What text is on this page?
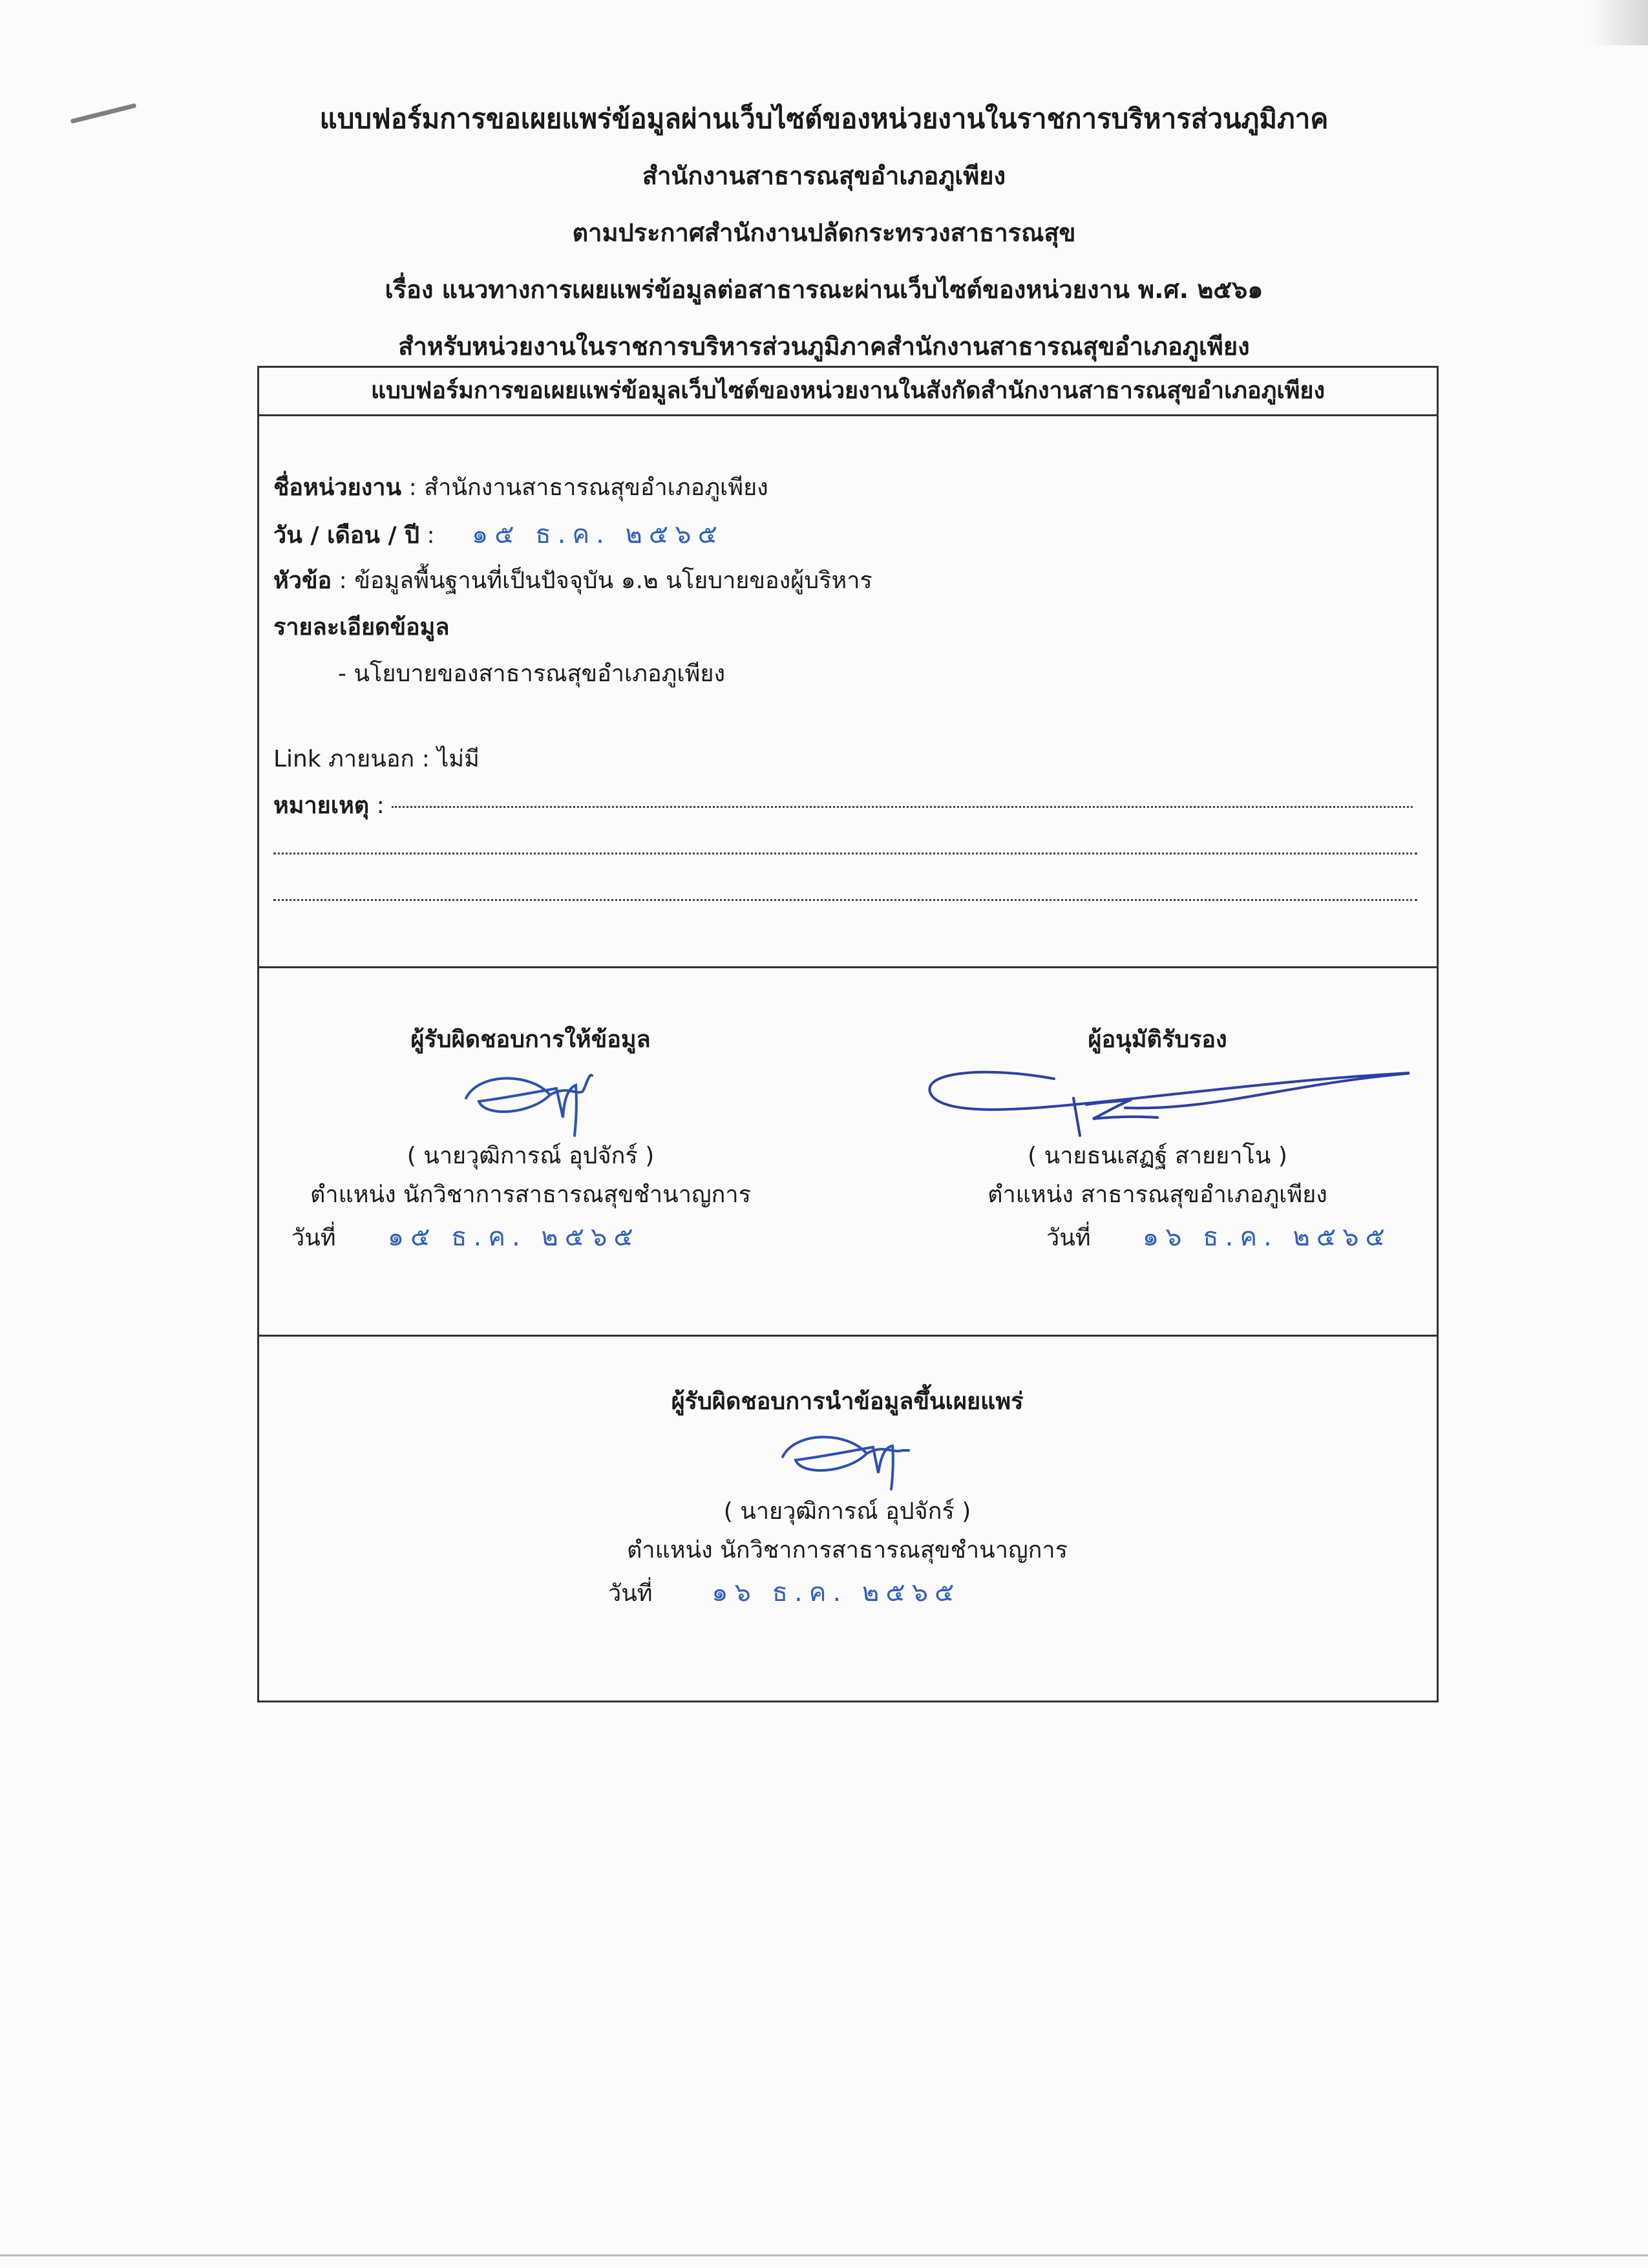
แบบฟอร์มการขอเผยแพร่ข้อมูลผ่านเว็บไซต์ของหน่วยงานในราชการบริหารส่วนภูมิภาค
สำนักงานสาธารณสุขอำเภอภูเพียง
ตามประกาศสำนักงานปลัดกระทรวงสาธารณสุข
เรื่อง แนวทางการเผยแพร่ข้อมูลต่อสาธารณะผ่านเว็บไซต์ของหน่วยงาน พ.ศ. ๒๕๖๑
สำหรับหน่วยงานในราชการบริหารส่วนภูมิภาคสำนักงานสาธารณสุขอำเภอภูเพียง
แบบฟอร์มการขอเผยแพร่ข้อมูลเว็บไซต์ของหน่วยงานในสังกัดสำนักงานสาธารณสุขอำเภอภูเพียง
ชื่อหน่วยงาน : สำนักงานสาธารณสุขอำเภอภูเพียง
วัน / เดือน / ปี :     ๑๕ ธ.ค. ๒๕๖๕
หัวข้อ : ข้อมูลพื้นฐานที่เป็นปัจจุบัน ๑.๒ นโยบายของผู้บริหาร
รายละเอียดข้อมูล
- นโยบายของสาธารณสุขอำเภอภูเพียง
Link ภายนอก : ไม่มี
หมายเหตุ :
ผู้รับผิดชอบการให้ข้อมูล
( นายวุฒิการณ์ อุปจักร์ )
ตำแหน่ง นักวิชาการสาธารณสุขชำนาญการ
วันที่ ๑๕ ธ.ค. ๒๕๖๕
ผู้อนุมัติรับรอง
( นายธนเสฏฐ์ สายยาโน )
ตำแหน่ง สาธารณสุขอำเภอภูเพียง
วันที่ ๑๖ ธ.ค. ๒๕๖๕
ผู้รับผิดชอบการนำข้อมูลขึ้นเผยแพร่
( นายวุฒิการณ์ อุปจักร์ )
ตำแหน่ง นักวิชาการสาธารณสุขชำนาญการ
วันที่ ๑๖ ธ.ค. ๒๕๖๕
